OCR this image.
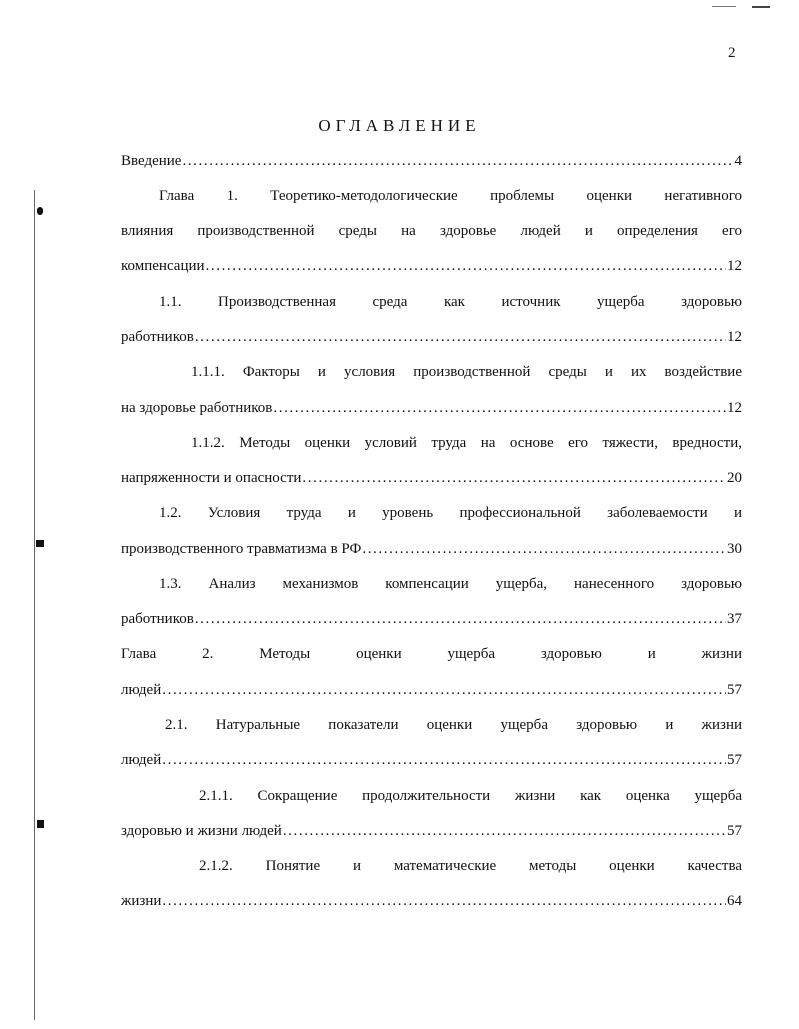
2
ОГЛАВЛЕНИЕ
Введение .....	4
Глава 1. Теоретико-методологические проблемы оценки негативного
влияния производственной среды на здоровье людей и определения его
компенсации .....	12
1.1. Производственная среда как источник ущерба здоровью
работников .....	12
1.1.1. Факторы и условия производственной среды и их воздействие
на здоровье работников .....	12
1.1.2. Методы оценки условий труда на основе его тяжести, вредности,
напряженности и опасности .....	20
1.2. Условия труда и уровень профессиональной заболеваемости и
производственного травматизма в РФ .....	30
1.3. Анализ механизмов компенсации ущерба, нанесенного здоровью
работников .....	37
Глава 2. Методы оценки ущерба здоровью и жизни
людей .....	57
2.1. Натуральные показатели оценки ущерба здоровью и жизни
людей .....	57
2.1.1. Сокращение продолжительности жизни как оценка ущерба
здоровью и жизни людей .....	57
2.1.2. Понятие и математические методы оценки качества
жизни .....	64
